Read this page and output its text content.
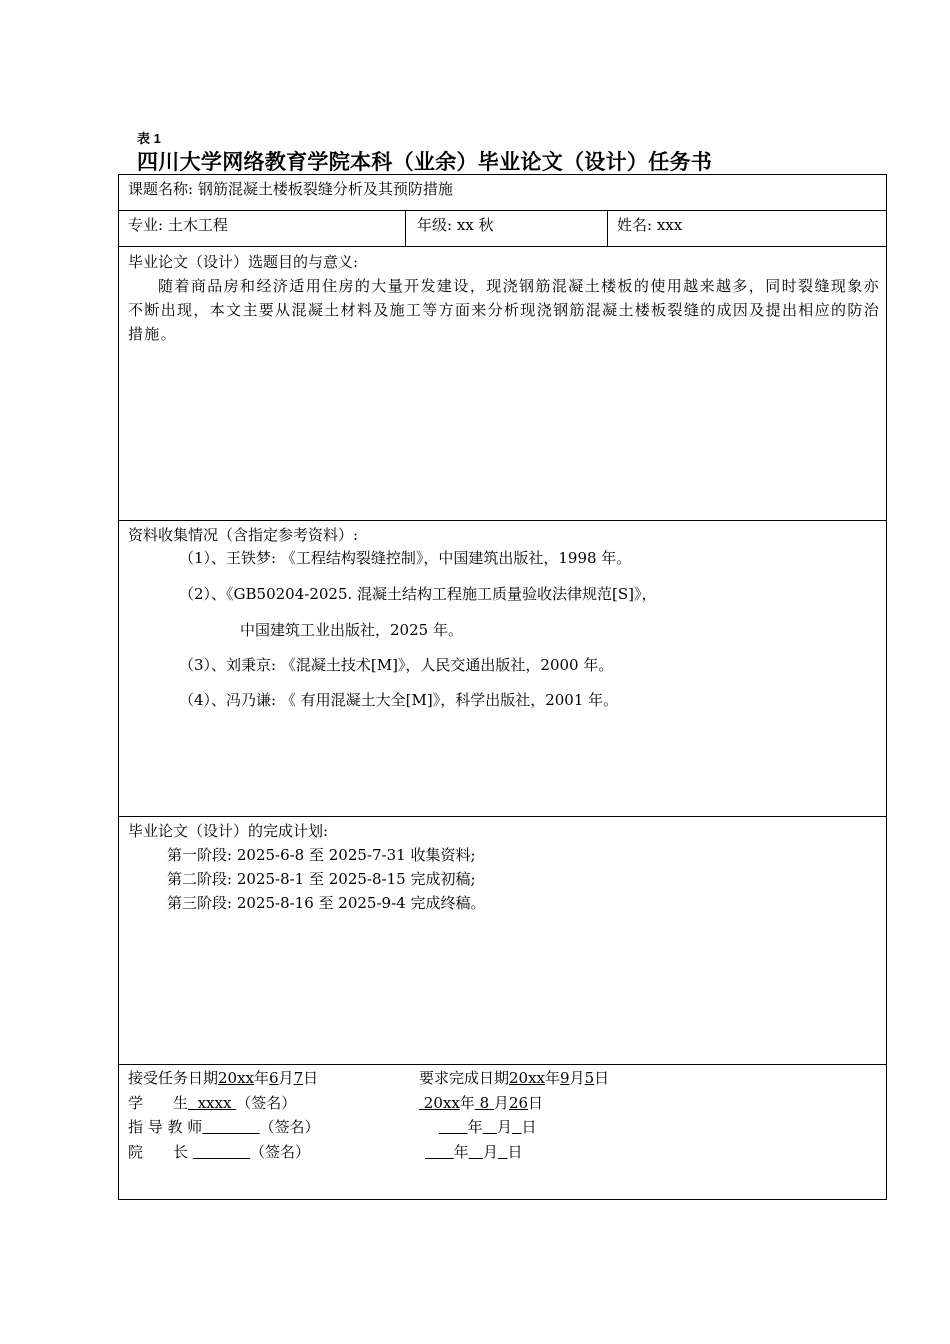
表 1
四川大学网络教育学院本科（业余）毕业论文（设计）任务书
课题名称: 钢筋混凝土楼板裂缝分析及其预防措施
专业: 土木工程	年级: xx 秋	姓名: xxx
毕业论文（设计）选题目的与意义:
随着商品房和经济适用住房的大量开发建设，现浇钢筋混凝土楼板的使用越来越多，同时裂缝现象亦不断出现，本文主要从混凝土材料及施工等方面来分析现浇钢筋混凝土楼板裂缝的成因及提出相应的防治措施。
资料收集情况（含指定参考资料）:
（1）、王铁梦: 《工程结构裂缝控制》，中国建筑出版社，1998 年。
（2）、《GB50204-2025. 混凝土结构工程施工质量验收法律规范[S]》，
中国建筑工业出版社，2025 年。
（3）、刘秉京: 《混凝土技术[M]》，人民交通出版社，2000 年。
（4）、冯乃谦: 《 有用混凝土大全[M]》，科学出版社，2001 年。
毕业论文（设计）的完成计划:
第一阶段: 2025-6-8 至 2025-7-31 收集资料;
第二阶段: 2025-8-1 至 2025-8-15 完成初稿;
第三阶段: 2025-8-16 至 2025-9-4 完成终稿。
接受任务日期20xx年6月7日	要求完成日期20xx年9月5日
学　　生 xxxx （签名）	20xx年 8 月26日
指 导 教 师	（签名）	年 月 日
院　　长	（签名）	年 月 日
